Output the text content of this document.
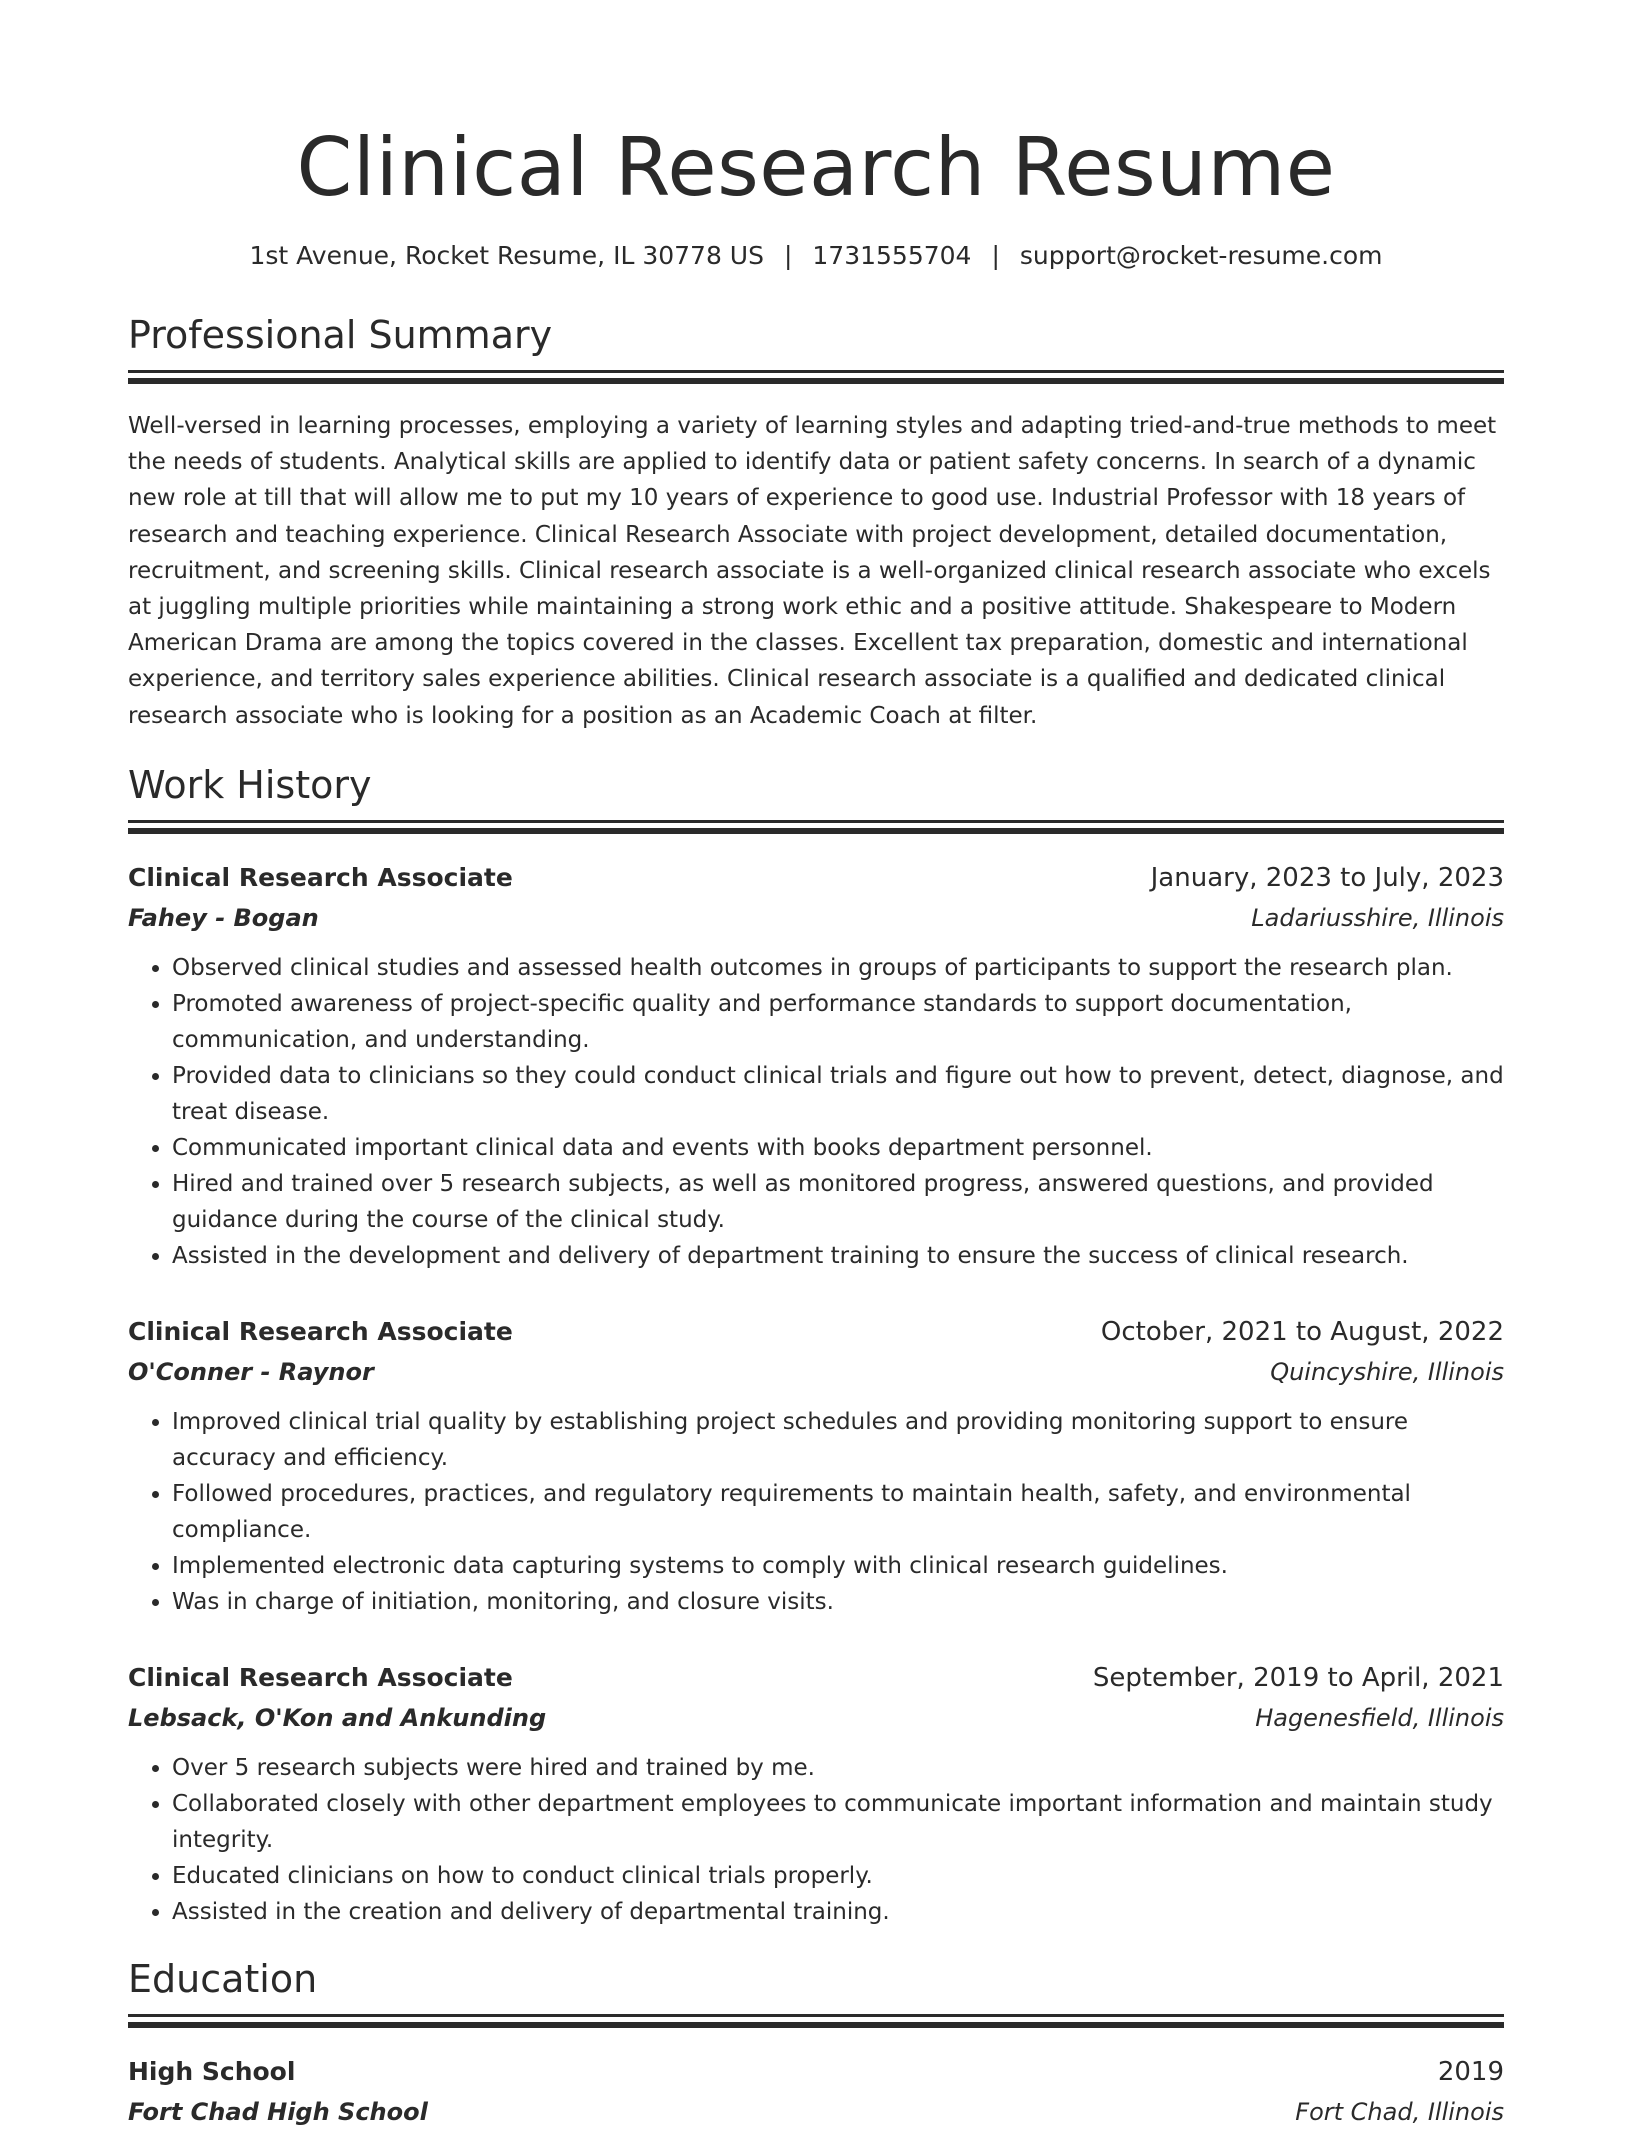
Clinical Research Resume
1st Avenue, Rocket Resume, IL 30778 US | 1731555704 | support@rocket-resume.com
Professional Summary
Well-versed in learning processes, employing a variety of learning styles and adapting tried-and-true methods to meet the needs of students. Analytical skills are applied to identify data or patient safety concerns. In search of a dynamic new role at till that will allow me to put my 10 years of experience to good use. Industrial Professor with 18 years of research and teaching experience. Clinical Research Associate with project development, detailed documentation, recruitment, and screening skills. Clinical research associate is a well-organized clinical research associate who excels at juggling multiple priorities while maintaining a strong work ethic and a positive attitude. Shakespeare to Modern American Drama are among the topics covered in the classes. Excellent tax preparation, domestic and international experience, and territory sales experience abilities. Clinical research associate is a qualified and dedicated clinical research associate who is looking for a position as an Academic Coach at filter.
Work History
Clinical Research Associate	January, 2023 to July, 2023
Fahey - Bogan	Ladariusshire, Illinois
• Observed clinical studies and assessed health outcomes in groups of participants to support the research plan.
• Promoted awareness of project-specific quality and performance standards to support documentation, communication, and understanding.
• Provided data to clinicians so they could conduct clinical trials and figure out how to prevent, detect, diagnose, and treat disease.
• Communicated important clinical data and events with books department personnel.
• Hired and trained over 5 research subjects, as well as monitored progress, answered questions, and provided guidance during the course of the clinical study.
• Assisted in the development and delivery of department training to ensure the success of clinical research.
Clinical Research Associate	October, 2021 to August, 2022
O'Conner - Raynor	Quincyshire, Illinois
• Improved clinical trial quality by establishing project schedules and providing monitoring support to ensure accuracy and efficiency.
• Followed procedures, practices, and regulatory requirements to maintain health, safety, and environmental compliance.
• Implemented electronic data capturing systems to comply with clinical research guidelines.
• Was in charge of initiation, monitoring, and closure visits.
Clinical Research Associate	September, 2019 to April, 2021
Lebsack, O'Kon and Ankunding	Hagenesfield, Illinois
• Over 5 research subjects were hired and trained by me.
• Collaborated closely with other department employees to communicate important information and maintain study integrity.
• Educated clinicians on how to conduct clinical trials properly.
• Assisted in the creation and delivery of departmental training.
Education
High School	2019
Fort Chad High School	Fort Chad, Illinois
